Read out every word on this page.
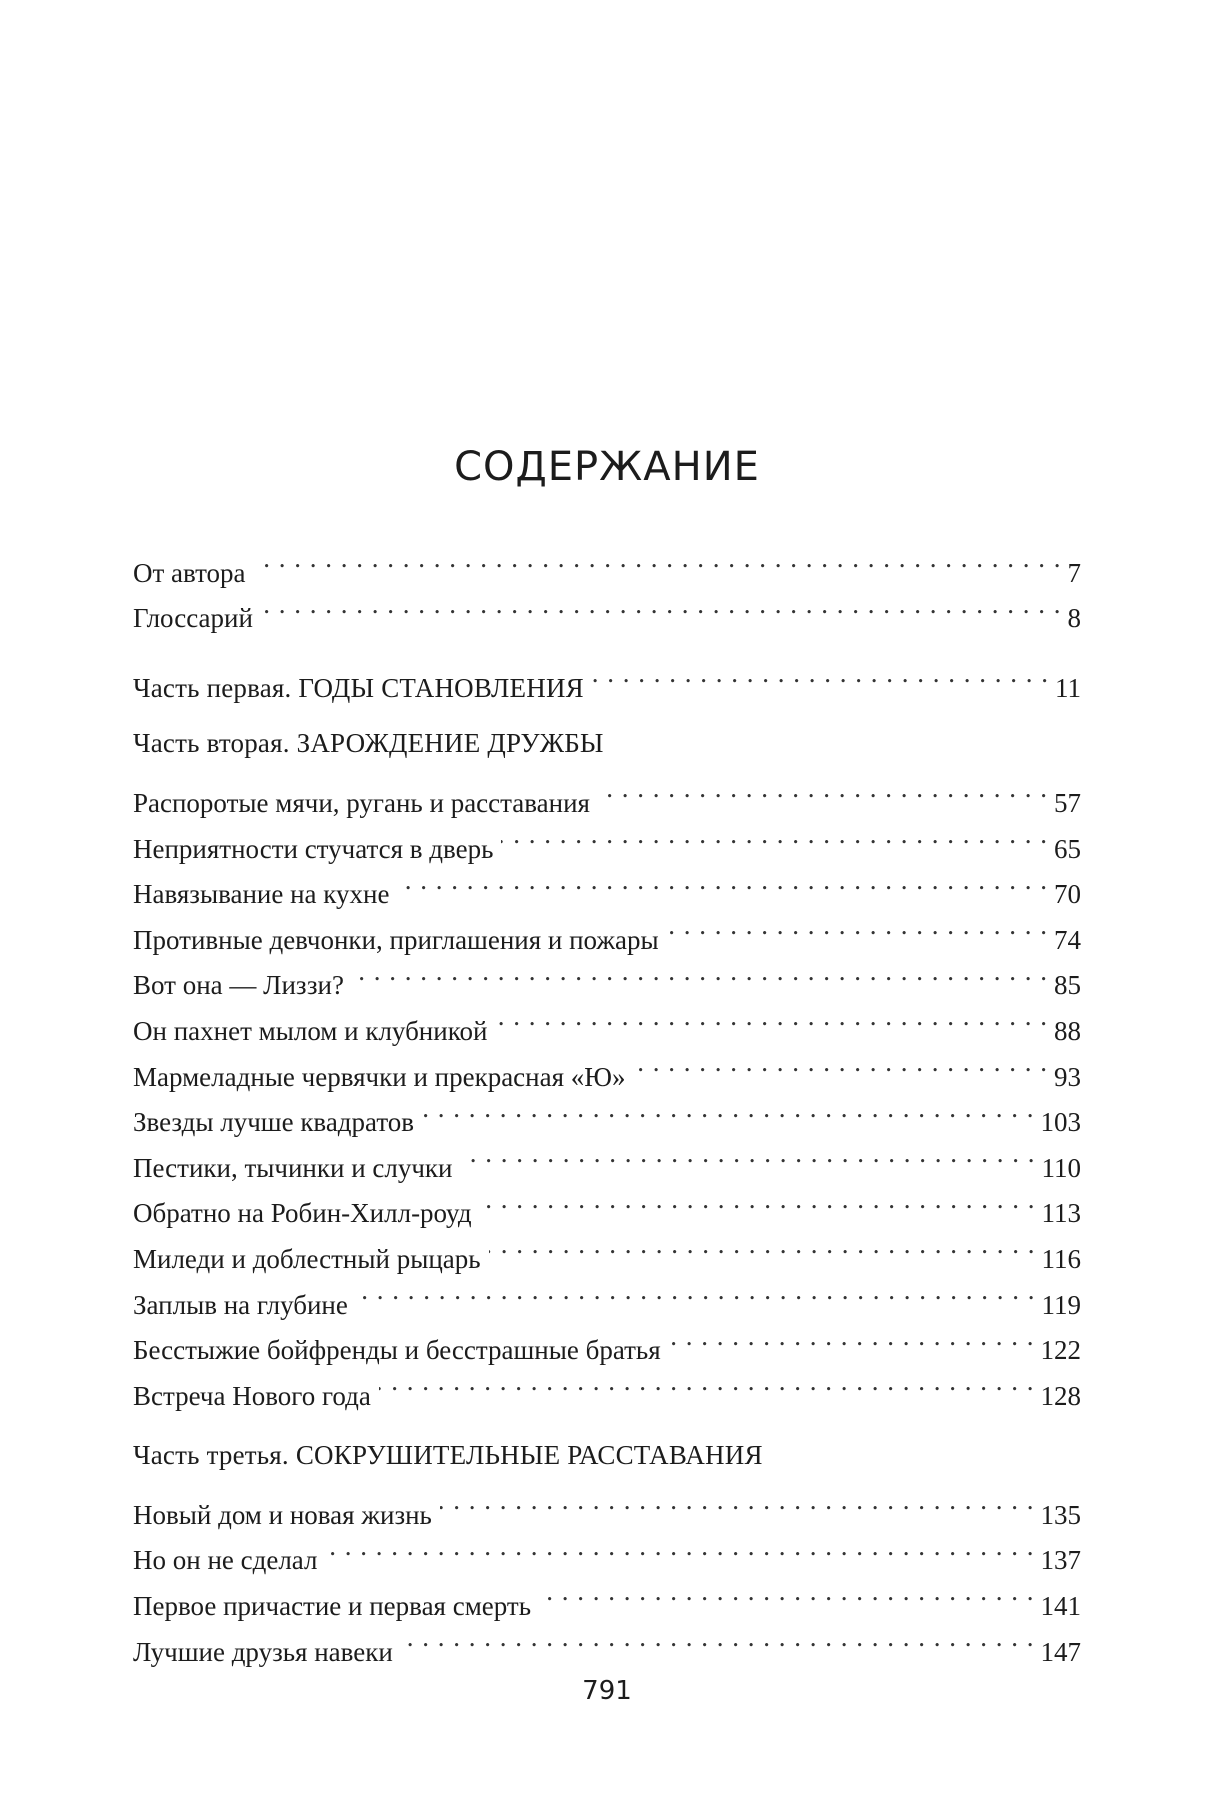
СОДЕРЖАНИЕ
От автора . . .	7
Глоссарий . . .	8
Часть первая. ГОДЫ СТАНОВЛЕНИЯ . . .	11
Часть вторая. ЗАРОЖДЕНИЕ ДРУЖБЫ
Распоротые мячи, ругань и расставания . . .	57
Неприятности стучатся в дверь . . .	65
Навязывание на кухне . . .	70
Противные девчонки, приглашения и пожары . . .	74
Вот она — Лиззи? . . .	85
Он пахнет мылом и клубникой . . .	88
Мармеладные червячки и прекрасная «Ю» . . .	93
Звезды лучше квадратов . . .	103
Пестики, тычинки и случки . . .	110
Обратно на Робин-Хилл-роуд . . .	113
Миледи и доблестный рыцарь . . .	116
Заплыв на глубине . . .	119
Бесстыжие бойфренды и бесстрашные братья . . .	122
Встреча Нового года . . .	128
Часть третья. СОКРУШИТЕЛЬНЫЕ РАССТАВАНИЯ
Новый дом и новая жизнь . . .	135
Но он не сделал . . .	137
Первое причастие и первая смерть . . .	141
Лучшие друзья навеки . . .	147
791
